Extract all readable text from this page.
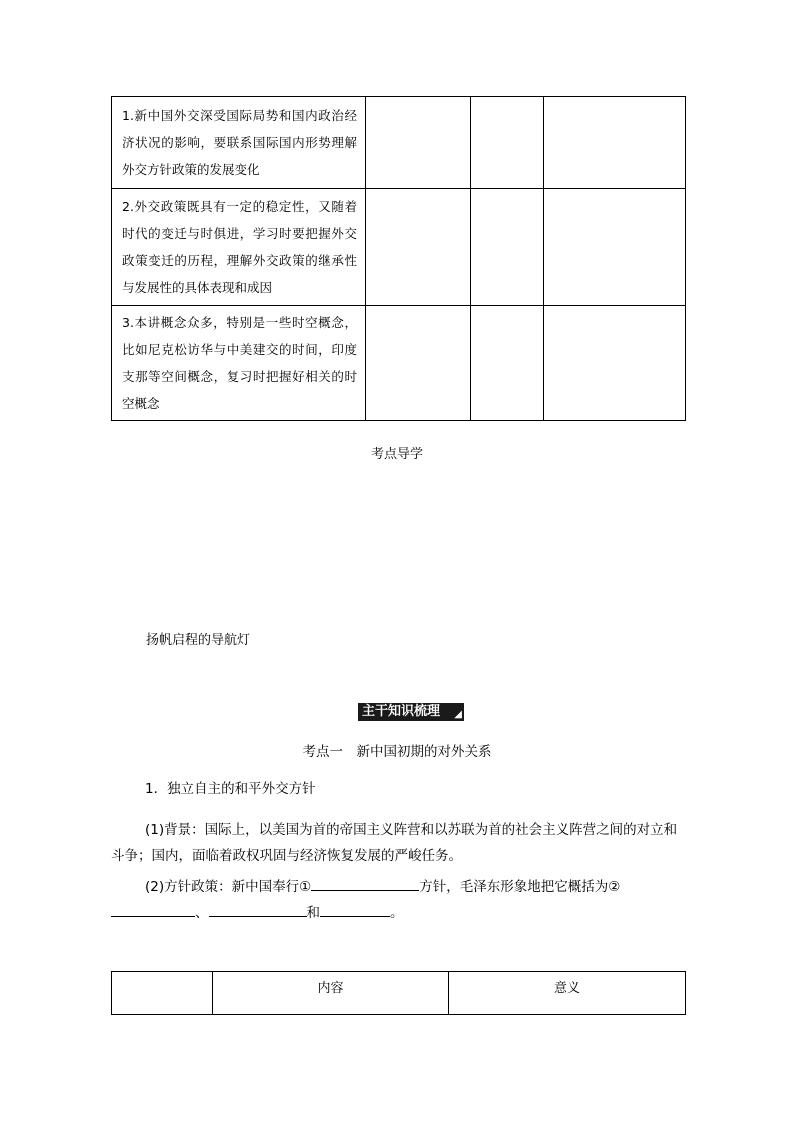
1.新中国外交深受国际局势和国内政治经济状况的影响，要联系国际国内形势理解外交方针政策的发展变化			
2.外交政策既具有一定的稳定性，又随着时代的变迁与时俱进，学习时要把握外交政策变迁的历程，理解外交政策的继承性与发展性的具体表现和成因			
3.本讲概念众多，特别是一些时空概念，比如尼克松访华与中美建交的时间，印度支那等空间概念，复习时把握好相关的时空概念			
考点导学
扬帆启程的导航灯
主干知识梳理 ◢
考点一　新中国初期的对外关系
1．独立自主的和平外交方针
(1)背景：国际上，以美国为首的帝国主义阵营和以苏联为首的社会主义阵营之间的对立和斗争；国内，面临着政权巩固与经济恢复发展的严峻任务。
(2)方针政策：新中国奉行①	方针，毛泽东形象地把它概括为②、	和	。
	内容	意义
